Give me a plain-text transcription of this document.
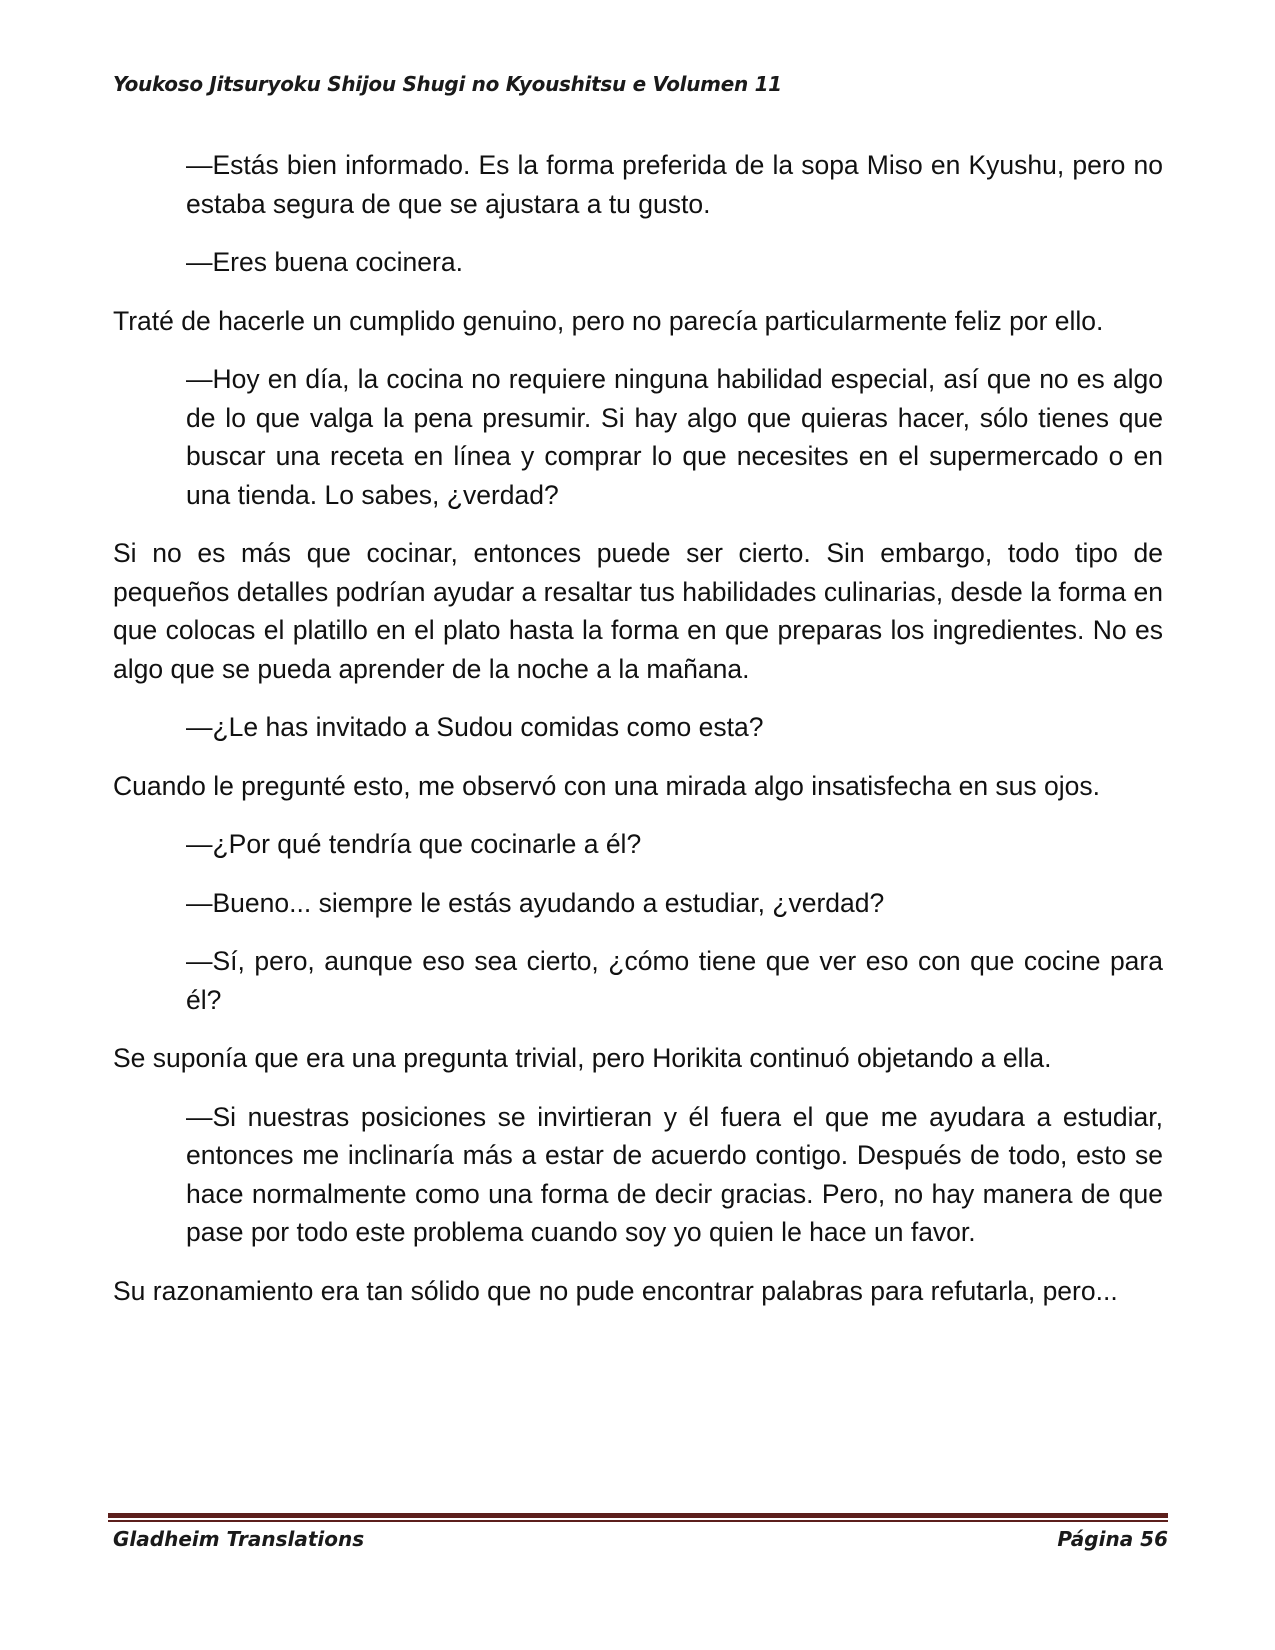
Youkoso Jitsuryoku Shijou Shugi no Kyoushitsu e Volumen 11

—Estás bien informado. Es la forma preferida de la sopa Miso en Kyushu, pero no estaba segura de que se ajustara a tu gusto.

—Eres buena cocinera.

Traté de hacerle un cumplido genuino, pero no parecía particularmente feliz por ello.

—Hoy en día, la cocina no requiere ninguna habilidad especial, así que no es algo de lo que valga la pena presumir. Si hay algo que quieras hacer, sólo tienes que buscar una receta en línea y comprar lo que necesites en el supermercado o en una tienda. Lo sabes, ¿verdad?

Si no es más que cocinar, entonces puede ser cierto. Sin embargo, todo tipo de pequeños detalles podrían ayudar a resaltar tus habilidades culinarias, desde la forma en que colocas el platillo en el plato hasta la forma en que preparas los ingredientes. No es algo que se pueda aprender de la noche a la mañana.

—¿Le has invitado a Sudou comidas como esta?

Cuando le pregunté esto, me observó con una mirada algo insatisfecha en sus ojos.

—¿Por qué tendría que cocinarle a él?

—Bueno... siempre le estás ayudando a estudiar, ¿verdad?

—Sí, pero, aunque eso sea cierto, ¿cómo tiene que ver eso con que cocine para él?

Se suponía que era una pregunta trivial, pero Horikita continuó objetando a ella.

—Si nuestras posiciones se invirtieran y él fuera el que me ayudara a estudiar, entonces me inclinaría más a estar de acuerdo contigo. Después de todo, esto se hace normalmente como una forma de decir gracias. Pero, no hay manera de que pase por todo este problema cuando soy yo quien le hace un favor.

Su razonamiento era tan sólido que no pude encontrar palabras para refutarla, pero...

Gladheim Translations	Página 56
